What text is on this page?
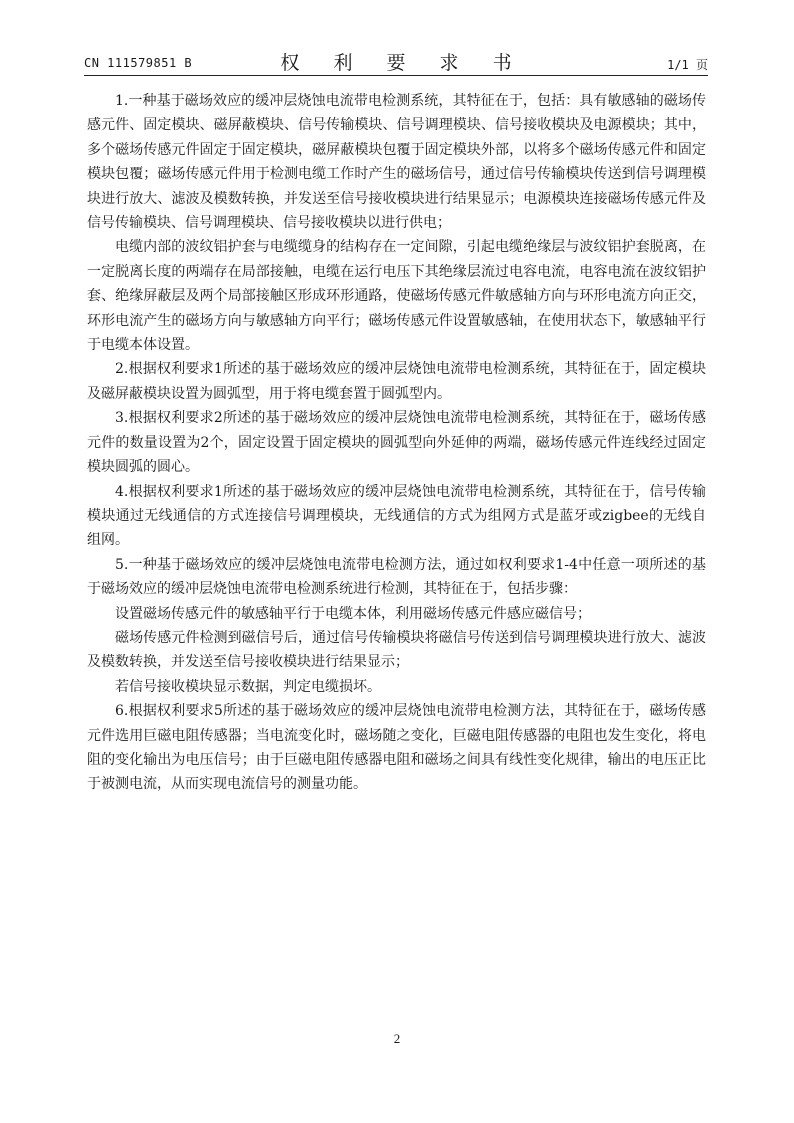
CN 111579851 B	权 利 要 求 书	1/1 页

1.一种基于磁场效应的缓冲层烧蚀电流带电检测系统，其特征在于，包括：具有敏感轴的磁场传感元件、固定模块、磁屏蔽模块、信号传输模块、信号调理模块、信号接收模块及电源模块；其中，多个磁场传感元件固定于固定模块，磁屏蔽模块包覆于固定模块外部，以将多个磁场传感元件和固定模块包覆；磁场传感元件用于检测电缆工作时产生的磁场信号，通过信号传输模块传送到信号调理模块进行放大、滤波及模数转换，并发送至信号接收模块进行结果显示；电源模块连接磁场传感元件及信号传输模块、信号调理模块、信号接收模块以进行供电；

电缆内部的波纹铝护套与电缆缆身的结构存在一定间隙，引起电缆绝缘层与波纹铝护套脱离，在一定脱离长度的两端存在局部接触，电缆在运行电压下其绝缘层流过电容电流，电容电流在波纹铝护套、绝缘屏蔽层及两个局部接触区形成环形通路，使磁场传感元件敏感轴方向与环形电流方向正交，环形电流产生的磁场方向与敏感轴方向平行；磁场传感元件设置敏感轴，在使用状态下，敏感轴平行于电缆本体设置。

2.根据权利要求1所述的基于磁场效应的缓冲层烧蚀电流带电检测系统，其特征在于，固定模块及磁屏蔽模块设置为圆弧型，用于将电缆套置于圆弧型内。

3.根据权利要求2所述的基于磁场效应的缓冲层烧蚀电流带电检测系统，其特征在于，磁场传感元件的数量设置为2个，固定设置于固定模块的圆弧型向外延伸的两端，磁场传感元件连线经过固定模块圆弧的圆心。

4.根据权利要求1所述的基于磁场效应的缓冲层烧蚀电流带电检测系统，其特征在于，信号传输模块通过无线通信的方式连接信号调理模块，无线通信的方式为组网方式是蓝牙或zigbee的无线自组网。

5.一种基于磁场效应的缓冲层烧蚀电流带电检测方法，通过如权利要求1-4中任意一项所述的基于磁场效应的缓冲层烧蚀电流带电检测系统进行检测，其特征在于，包括步骤：

设置磁场传感元件的敏感轴平行于电缆本体，利用磁场传感元件感应磁信号；

磁场传感元件检测到磁信号后，通过信号传输模块将磁信号传送到信号调理模块进行放大、滤波及模数转换，并发送至信号接收模块进行结果显示；

若信号接收模块显示数据，判定电缆损坏。

6.根据权利要求5所述的基于磁场效应的缓冲层烧蚀电流带电检测方法，其特征在于，磁场传感元件选用巨磁电阻传感器；当电流变化时，磁场随之变化，巨磁电阻传感器的电阻也发生变化，将电阻的变化输出为电压信号；由于巨磁电阻传感器电阻和磁场之间具有线性变化规律，输出的电压正比于被测电流，从而实现电流信号的测量功能。

2
